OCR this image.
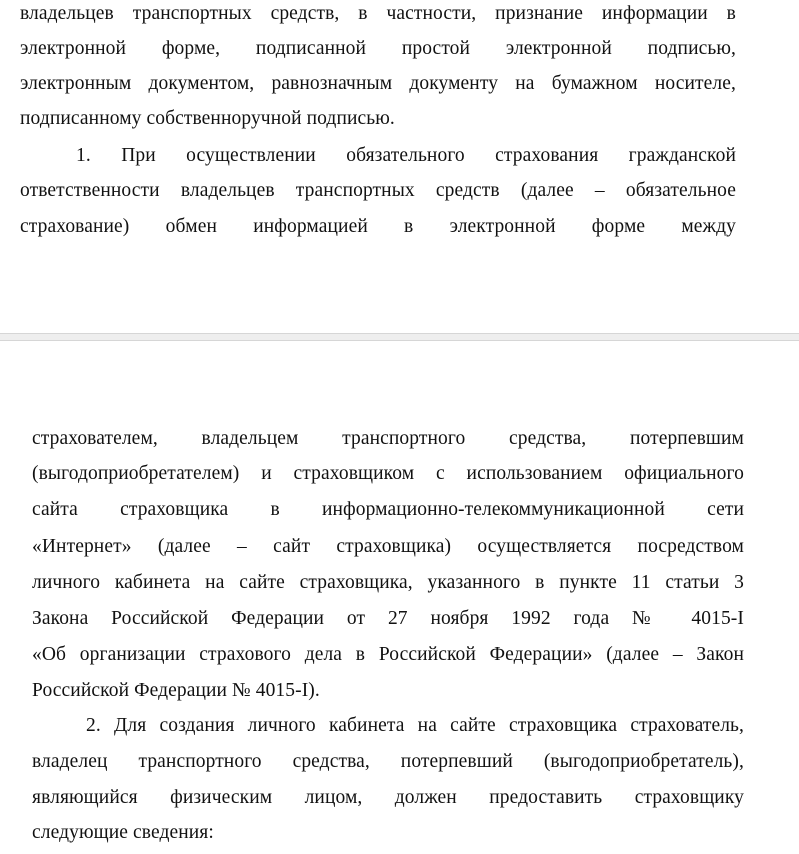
владельцев транспортных средств, в частности, признание информации в
электронной форме, подписанной простой электронной подписью,
электронным документом, равнозначным документу на бумажном носителе,
подписанному собственноручной подписью.
1. При осуществлении обязательного страхования гражданской
ответственности владельцев транспортных средств (далее – обязательное
страхование) обмен информацией в электронной форме между
страхователем, владельцем транспортного средства, потерпевшим
(выгодоприобретателем) и страховщиком с использованием официального
сайта страховщика в информационно-телекоммуникационной сети
«Интернет» (далее – сайт страховщика) осуществляется посредством
личного кабинета на сайте страховщика, указанного в пункте 11 статьи 3
Закона Российской Федерации от 27 ноября 1992 года № 4015-I
«Об организации страхового дела в Российской Федерации» (далее – Закон
Российской Федерации № 4015-I).
2. Для создания личного кабинета на сайте страховщика страхователь,
владелец транспортного средства, потерпевший (выгодоприобретатель),
являющийся физическим лицом, должен предоставить страховщику
следующие сведения:
